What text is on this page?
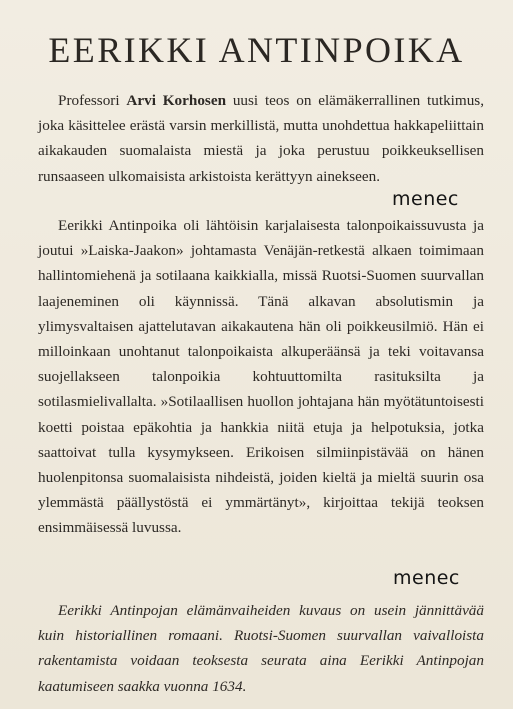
EERIKKI ANTINPOIKA

Professori Arvi Korhosen uusi teos on elämäkerrallinen tutkimus, joka käsittelee erästä varsin merkillistä, mutta unohdettua hakkapeliittain aikakauden suomalaista miestä ja joka perustuu poikkeuksellisen runsaaseen ulkomaisista arkistoista kerättyyn ainekseen.

Eerikki Antinpoika oli lähtöisin karjalaisesta talonpoikaissuvusta ja joutui »Laiska-Jaakon» johtamasta Venäjän-retkestä alkaen toimimaan hallintomiehenä ja sotilaana kaikkialla, missä Ruotsi-Suomen suurvallan laajeneminen oli käynnissä. Tänä alkavan absolutismin ja ylimysvaltaisen ajattelutavan aikakautena hän oli poikkeusilmiö. Hän ei milloinkaan unohtanut talonpoikaista alkuperäänsä ja teki voitavansa suojellakseen talonpoikia kohtuuttomilta rasituksilta ja sotilasmielivallalta. »Sotilaallisen huollon johtajana hän myötätuntoisesti koetti poistaa epäkohtia ja hankkia niitä etuja ja helpotuksia, jotka saattoivat tulla kysymykseen. Erikoisen silmiinpistävää on hänen huolenpitonsa suomalaisista nihdeistä, joiden kieltä ja mieltä suurin osa ylemmästä päällystöstä ei ymmärtänyt», kirjoittaa tekijä teoksen ensimmäisessä luvussa.

Eerikki Antinpojan elämänvaiheiden kuvaus on usein jännittävää kuin historiallinen romaani. Ruotsi-Suomen suurvallan vaivalloista rakentamista voidaan teoksesta seurata aina Eerikki Antinpojan kaatumiseen saakka vuonna 1634.

menec
menec
